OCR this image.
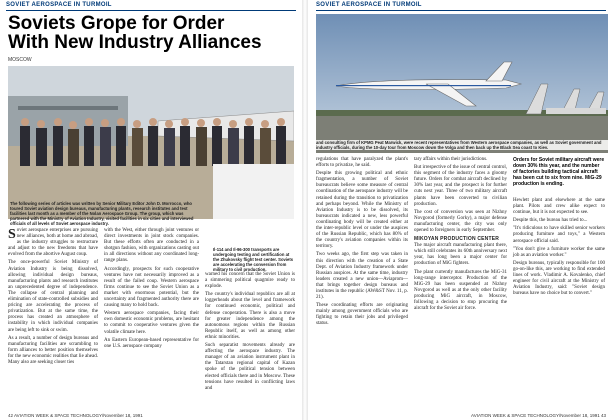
SOVIET AEROSPACE IN TURMOIL
Soviets Grope for Order
With New Industry Alliances
MOSCOW
The following series of articles was written by Senior Military Editor John D. Morrocco, who toured Soviet aviation design bureaus, manufacturing plants, research institutes and test facilities last month as a member of the Nolan Aerospace Group. The group, which was partnered with the Ministry of Aviation Industry, visited facilities in six cities and interviewed officials of all levels of Soviet aerospace industry.
Il-114 and Il-96-300 transports are undergoing testing and certification at the Zhukovsky flight test center. Soviets are accelerating the conversion from military to civil production.

Soviet aerospace enterprises are pursuing new alliances, both at home and abroad, as the industry struggles to restructure and adjust to the new freedoms that have evolved from the abortive August coup.

The once-powerful Soviet Ministry of Aviation Industry is being dissolved, allowing individual design bureaus, manufacturing plants and research institutes an unprecedented degree of independence. The collapse of central planning and elimination of state-controlled subsidies and pricing are accelerating the process of privatization. But at the same time, the process has created an atmosphere of instability in which individual companies are being left to sink or swim.

As a result, a number of design bureaus and manufacturing facilities are scrambling to form alliances to better position themselves for the new economic realities that lie ahead. Many also are seeking closer ties

with the West, either through joint ventures or direct investments in joint stock companies. But these efforts often are conducted in a shotgun fashion, with organizations casting out in all directions without any coordinated long-range plans.

Accordingly, prospects for such cooperative ventures have not necessarily improved as a result of the failed coup. Western aerospace firms continue to see the Soviet Union as a market with enormous potential, but the uncertainty and fragmented authority there are causing many to hold back.

Western aerospace companies, facing their own domestic economic problems, are hesitant to commit to cooperative ventures given the volatile climate here.

An Eastern European-based representative for one U.S. aerospace company

warned his concern that the Soviet Union is a simmering political quagmire ready to explode.

The country's individual republics are all at loggerheads about the level and framework for continued economic, political and defense cooperation. There is also a move for greater independence among the autonomous regions within the Russian Republic itself, as well as among other ethnic minorities.

Such separatist movements already are affecting the aerospace industry. The manager of an aviation instrument plant in the Tatarstan regional capital of Kazan spoke of the political tension between elected officials there and in Moscow. These tensions have resulted in conflicting laws and

42 AVIATION WEEK & SPACE TECHNOLOGY/November 18, 1991
SOVIET AEROSPACE IN TURMOIL
and consulting firm of KPMG Peat Marwick, were recent representatives from Western aerospace companies, as well as Soviet government and industry officials, during the 10-day tour from Moscow down the Volga and then back up the Black Sea coast to Kiev.

regulations that have paralyzed the plant's efforts to privatize, he said.

Despite this growing political and ethnic fragmentation, a number of Soviet bureaucrats believe some measure of central coordination of the aerospace industry will be retained during the transition to privatization and perhaps beyond. While the Ministry of Aviation Industry is to be dissolved, its bureaucrats indicated a new, less powerful coordinating body will be created either at the inter-republic level or under the auspices of the Russian Republic, which has 80% of the country's aviation companies within its territory.

Two weeks ago, the first step was taken in this direction with the creation of a State Dept. of Aviation Industry framework under Russian auspices. At the same time, industry leaders created a new union—Aviaprom—that brings together design bureaus and institutes in the republic (AW&ST Nov. 11, p. 21).

These coordinating efforts are originating mainly among government officials who are fighting to retain their jobs and privileged status.

tary affairs within their jurisdictions.

But irrespective of the issue of central control, this segment of the industry faces a gloomy future. Orders for combat aircraft declined by 30% last year, and the prospect is for further cuts next year. Three of two military aircraft plants have been converted to civilian production.

The cost of conversion was seen at Nizhny Novgorod (formerly Gorky), a major defense manufacturing center, the city was only opened to foreigners in early September.

MIKOYAN PRODUCTION CENTER

The major aircraft manufacturing plant there, which still celebrates its 60th anniversary next year, has long been a major center for production of MiG fighters.

The plant currently manufactures the MiG-31 long-range interceptor. Production of the MiG-29 has been suspended at Nizhny Novgorod as well as at the only other facility producing MiG aircraft, in Moscow, following a decision to stop procuring the aircraft for the Soviet air force.

Orders for Soviet military aircraft were down 30% this year, and the number of factories building tactical aircraft has been cut to six from nine. MiG-29 production is ending.

Hewlett plant and elsewhere at the same plant. Pilots and crew alike expect to continue, but it is not expected to see.

Despite this, the bureau has tried to...

"It's ridiculous to have skilled senior workers producing furniture and toys," a Western aerospace official said.

"You don't give a furniture worker the same job as an aviation worker."

Design bureaus, typically responsible for 100 go-on-like this, are working to find extended lines of work. Vladimir A. Kovalenko, chief engineer for civil aircraft at the Ministry of Aviation Industry, said: "Soviet design bureaus have no choice but to convert."

AVIATION WEEK & SPACE TECHNOLOGY/November 18, 1991 43
